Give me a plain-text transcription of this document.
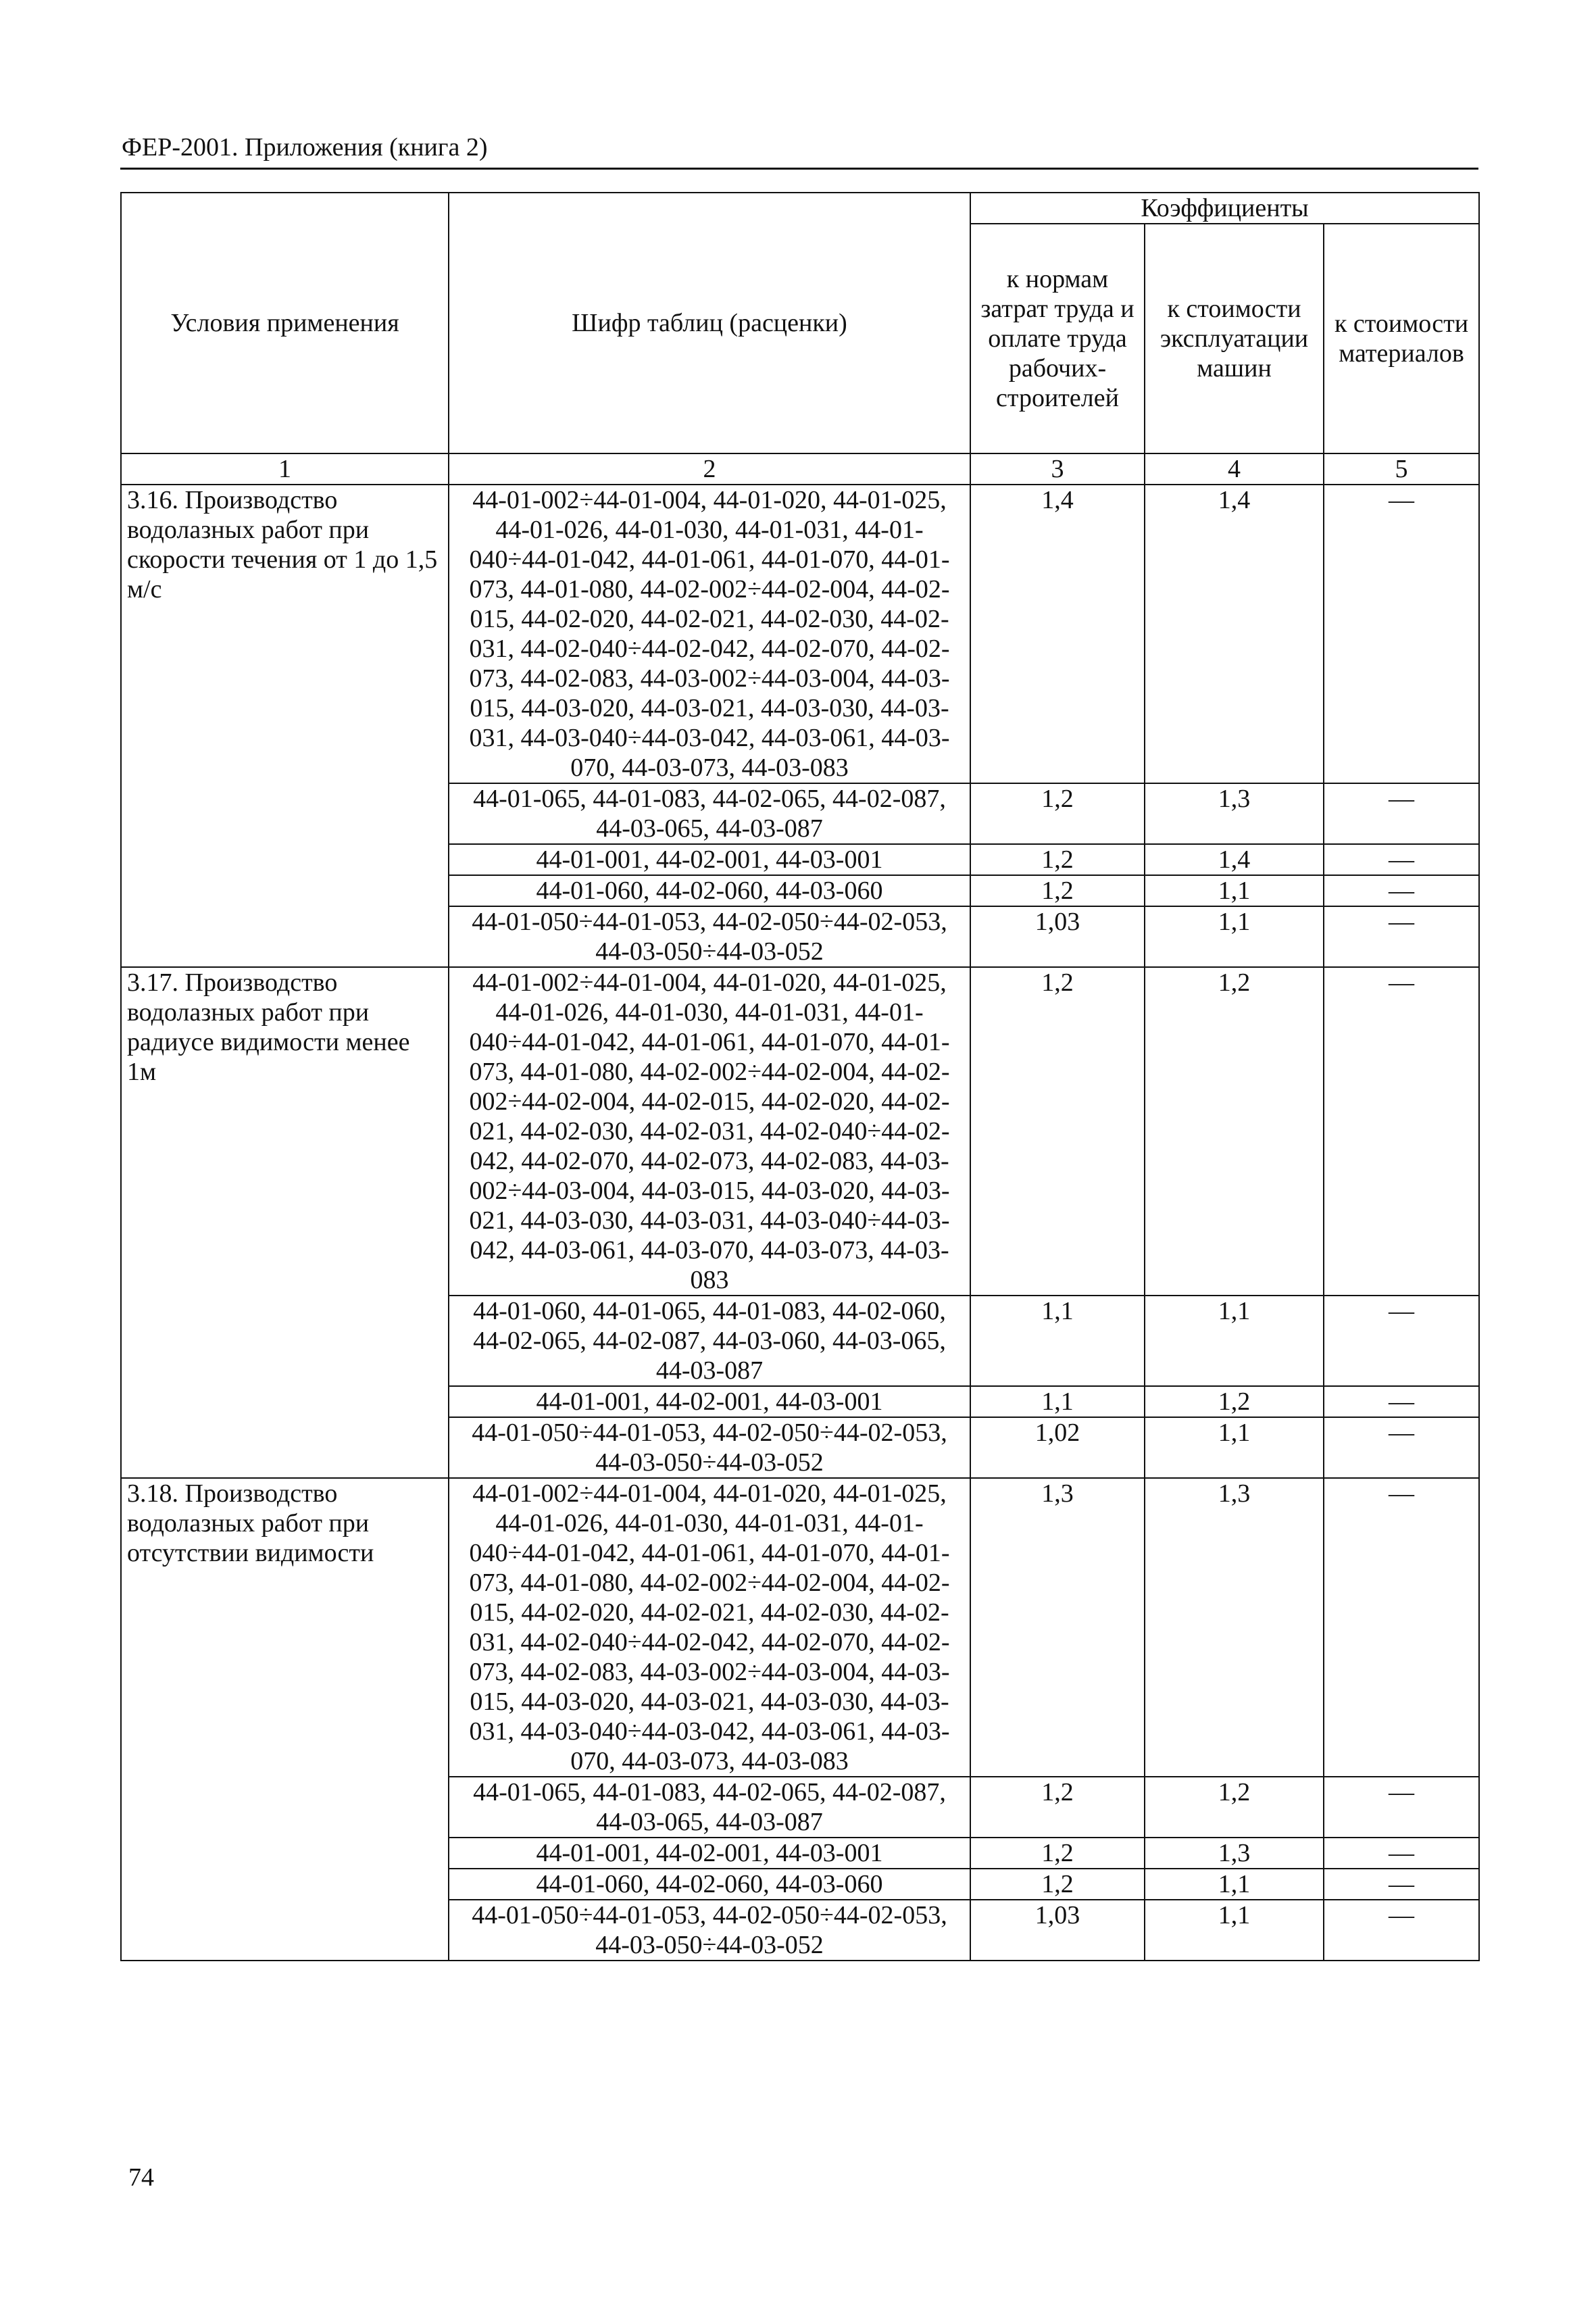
ФЕР-2001. Приложения (книга 2)
Условия применения	Шифр таблиц (расценки)	Коэффициенты		
		к нормам затрат труда и оплате труда рабочих-строителей	к стоимости эксплуатации машин	к стоимости материалов
1	2	3	4	5
3.16. Производство водолазных работ при скорости течения от 1 до 1,5 м/с	44-01-002÷44-01-004, 44-01-020, 44-01-025, 44-01-026, 44-01-030, 44-01-031, 44-01-040÷44-01-042, 44-01-061, 44-01-070, 44-01-073, 44-01-080, 44-02-002÷44-02-004, 44-02-015, 44-02-020, 44-02-021, 44-02-030, 44-02-031, 44-02-040÷44-02-042, 44-02-070, 44-02-073, 44-02-083, 44-03-002÷44-03-004, 44-03-015, 44-03-020, 44-03-021, 44-03-030, 44-03-031, 44-03-040÷44-03-042, 44-03-061, 44-03-070, 44-03-073, 44-03-083	1,4	1,4	—
	44-01-065, 44-01-083, 44-02-065, 44-02-087, 44-03-065, 44-03-087	1,2	1,3	—
	44-01-001, 44-02-001, 44-03-001	1,2	1,4	—
	44-01-060, 44-02-060, 44-03-060	1,2	1,1	—
	44-01-050÷44-01-053, 44-02-050÷44-02-053, 44-03-050÷44-03-052	1,03	1,1	—
3.17. Производство водолазных работ при радиусе видимости менее 1м	44-01-002÷44-01-004, 44-01-020, 44-01-025, 44-01-026, 44-01-030, 44-01-031, 44-01-040÷44-01-042, 44-01-061, 44-01-070, 44-01-073, 44-01-080, 44-02-002÷44-02-004, 44-02-002÷44-02-004, 44-02-015, 44-02-020, 44-02-021, 44-02-030, 44-02-031, 44-02-040÷44-02-042, 44-02-070, 44-02-073, 44-02-083, 44-03-002÷44-03-004, 44-03-015, 44-03-020, 44-03-021, 44-03-030, 44-03-031, 44-03-040÷44-03-042, 44-03-061, 44-03-070, 44-03-073, 44-03-083	1,2	1,2	—
	44-01-060, 44-01-065, 44-01-083, 44-02-060, 44-02-065, 44-02-087, 44-03-060, 44-03-065, 44-03-087	1,1	1,1	—
	44-01-001, 44-02-001, 44-03-001	1,1	1,2	—
	44-01-050÷44-01-053, 44-02-050÷44-02-053, 44-03-050÷44-03-052	1,02	1,1	—
3.18. Производство водолазных работ при отсутствии видимости	44-01-002÷44-01-004, 44-01-020, 44-01-025, 44-01-026, 44-01-030, 44-01-031, 44-01-040÷44-01-042, 44-01-061, 44-01-070, 44-01-073, 44-01-080, 44-02-002÷44-02-004, 44-02-015, 44-02-020, 44-02-021, 44-02-030, 44-02-031, 44-02-040÷44-02-042, 44-02-070, 44-02-073, 44-02-083, 44-03-002÷44-03-004, 44-03-015, 44-03-020, 44-03-021, 44-03-030, 44-03-031, 44-03-040÷44-03-042, 44-03-061, 44-03-070, 44-03-073, 44-03-083	1,3	1,3	—
	44-01-065, 44-01-083, 44-02-065, 44-02-087, 44-03-065, 44-03-087	1,2	1,2	—
	44-01-001, 44-02-001, 44-03-001	1,2	1,3	—
	44-01-060, 44-02-060, 44-03-060	1,2	1,1	—
	44-01-050÷44-01-053, 44-02-050÷44-02-053, 44-03-050÷44-03-052	1,03	1,1	—
74
